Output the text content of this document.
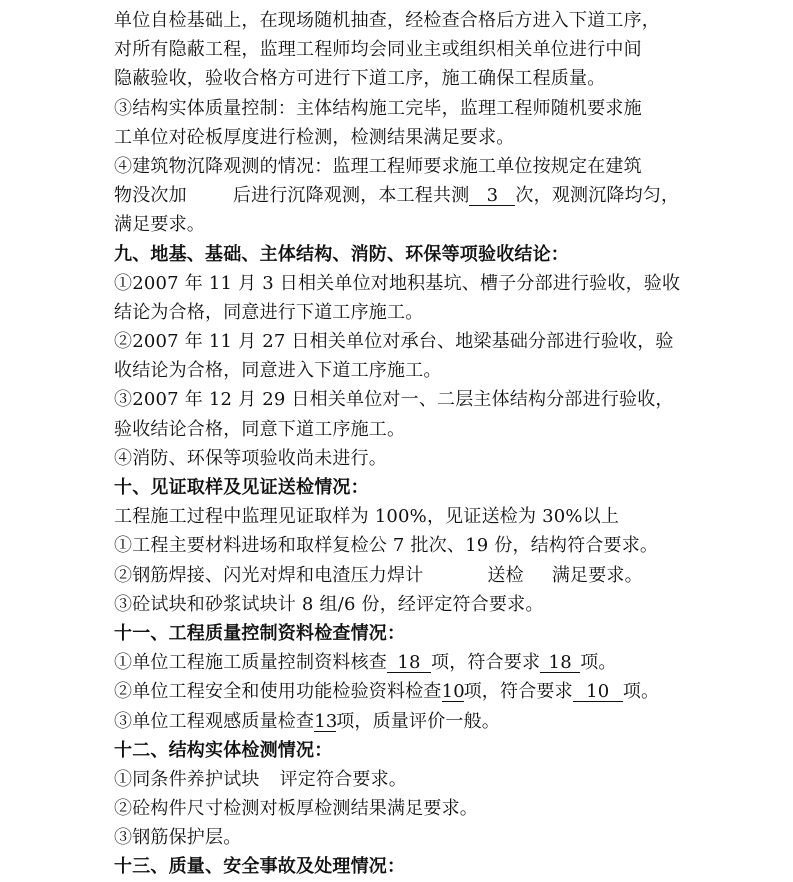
单位自检基础上，在现场随机抽查，经检查合格后方进入下道工序，
对所有隐蔽工程，监理工程师均会同业主或组织相关单位进行中间
隐蔽验收，验收合格方可进行下道工序，施工确保工程质量。
③结构实体质量控制：主体结构施工完毕，监理工程师随机要求施
工单位对砼板厚度进行检测，检测结果满足要求。
④建筑物沉降观测的情况：监理工程师要求施工单位按规定在建筑
物没次加	后进行沉降观测，本工程共测 3 次，观测沉降均匀，
满足要求。
九、地基、基础、主体结构、消防、环保等项验收结论：
①2007 年 11 月 3 日相关单位对地积基坑、槽子分部进行验收，验收
结论为合格，同意进行下道工序施工。
②2007 年 11 月 27 日相关单位对承台、地梁基础分部进行验收，验
收结论为合格，同意进入下道工序施工。
③2007 年 12 月 29 日相关单位对一、二层主体结构分部进行验收，
验收结论合格，同意下道工序施工。
④消防、环保等项验收尚未进行。
十、见证取样及见证送检情况：
工程施工过程中监理见证取样为 100%，见证送检为 30%以上
①工程主要材料进场和取样复检公 7 批次、19 份，结构符合要求。
②钢筋焊接、闪光对焊和电渣压力焊计	送检 满足要求。
③砼试块和砂浆试块计 8 组/6 份，经评定符合要求。
十一、工程质量控制资料检查情况：
①单位工程施工质量控制资料核查 18 项，符合要求 18 项。
②单位工程安全和使用功能检验资料检查10项，符合要求 10 项。
③单位工程观感质量检查13项，质量评价一般。
十二、结构实体检测情况：
①同条件养护试块 评定符合要求。
②砼构件尺寸检测对板厚检测结果满足要求。
③钢筋保护层。
十三、质量、安全事故及处理情况：
